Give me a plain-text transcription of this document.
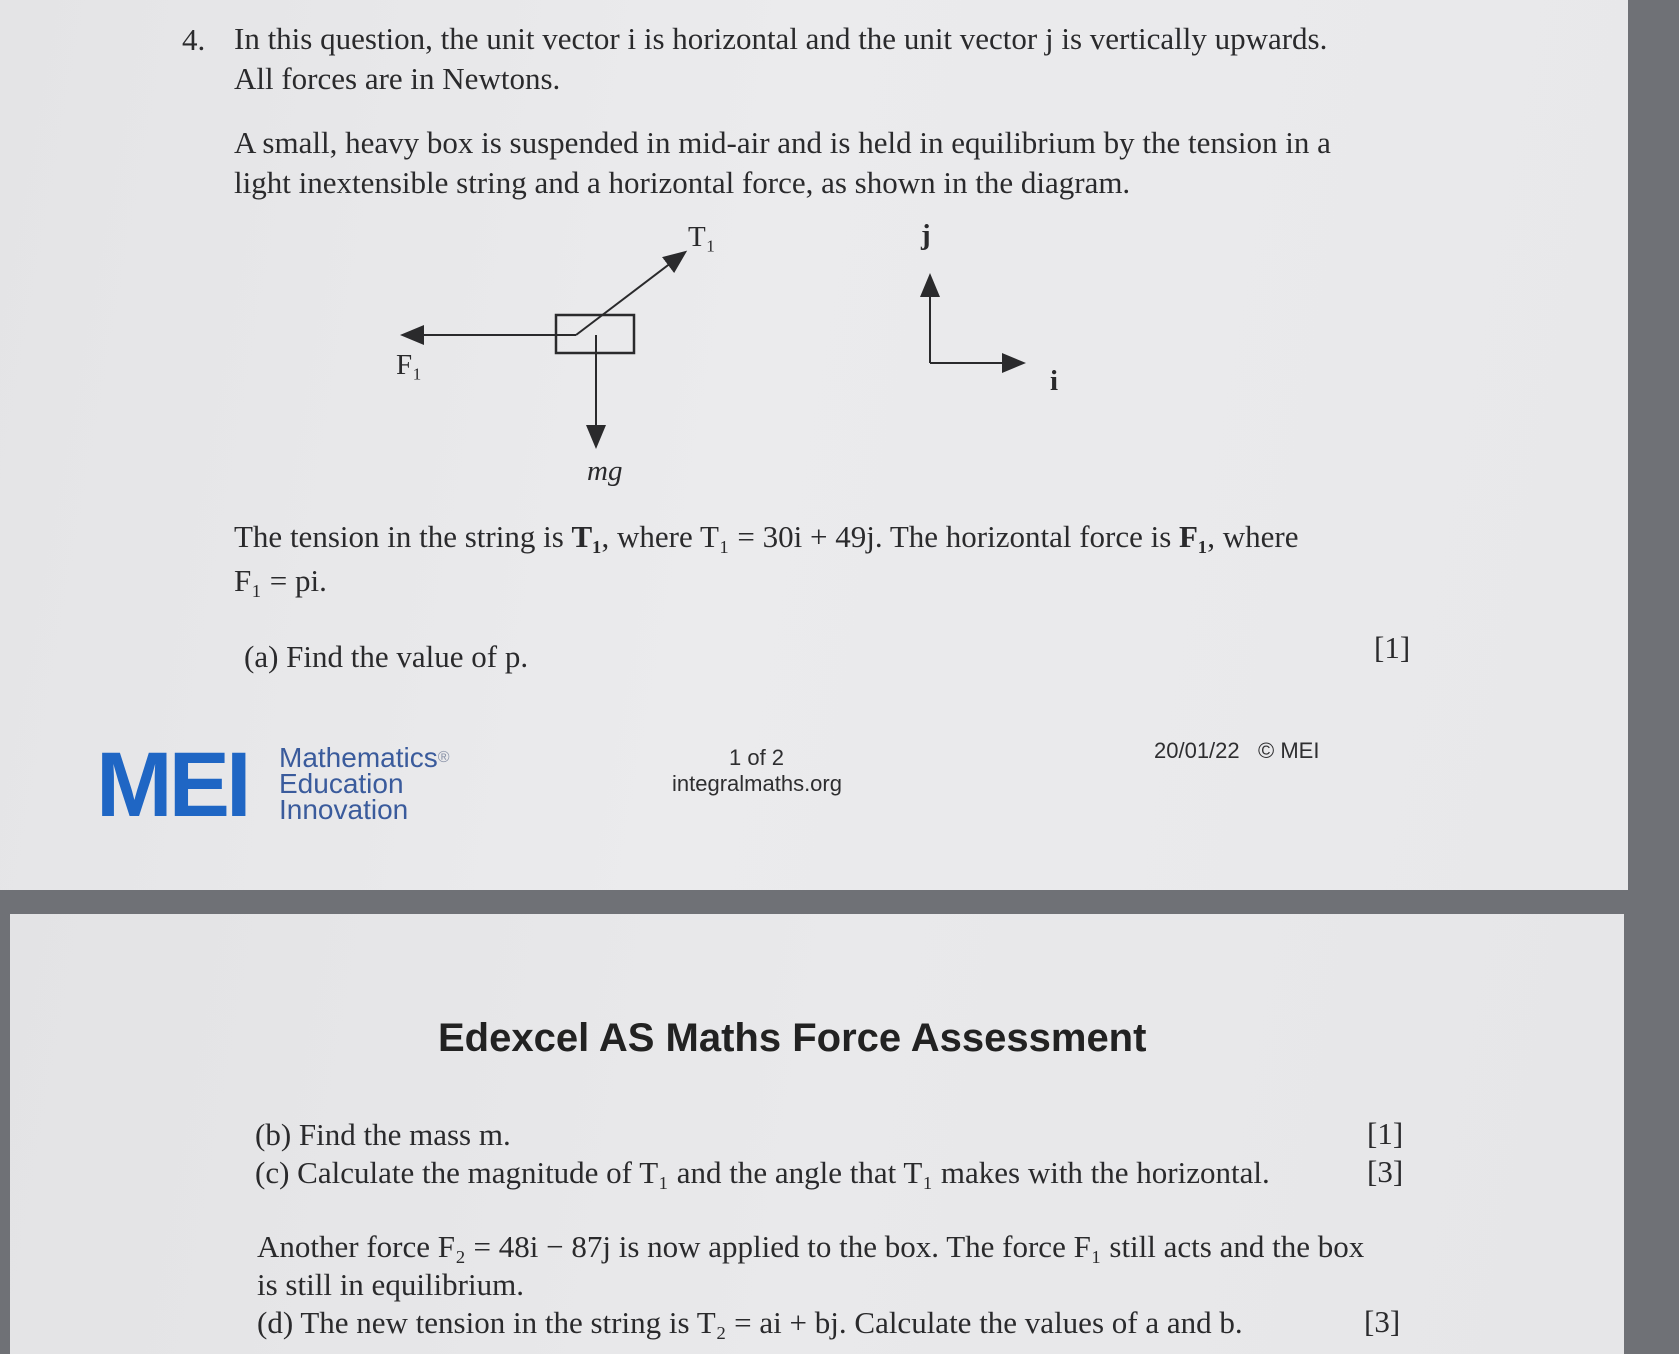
4. In this question, the unit vector i is horizontal and the unit vector j is vertically upwards.
All forces are in Newtons.
A small, heavy box is suspended in mid-air and is held in equilibrium by the tension in a
light inextensible string and a horizontal force, as shown in the diagram.
T₁
F₁
mg
j
i
The tension in the string is T₁, where T₁ = 30i + 49j. The horizontal force is F₁, where
F₁ = pi.
(a) Find the value of p.	[1]
MEI Mathematics®
Education
Innovation
1 of 2
integralmaths.org
20/01/22 © MEI
Edexcel AS Maths Force Assessment
(b) Find the mass m.	[1]
(c) Calculate the magnitude of T₁ and the angle that T₁ makes with the horizontal.	[3]
Another force F₂ = 48i − 87j is now applied to the box. The force F₁ still acts and the box
is still in equilibrium.
(d) The new tension in the string is T₂ = ai + bj. Calculate the values of a and b.	[3]
